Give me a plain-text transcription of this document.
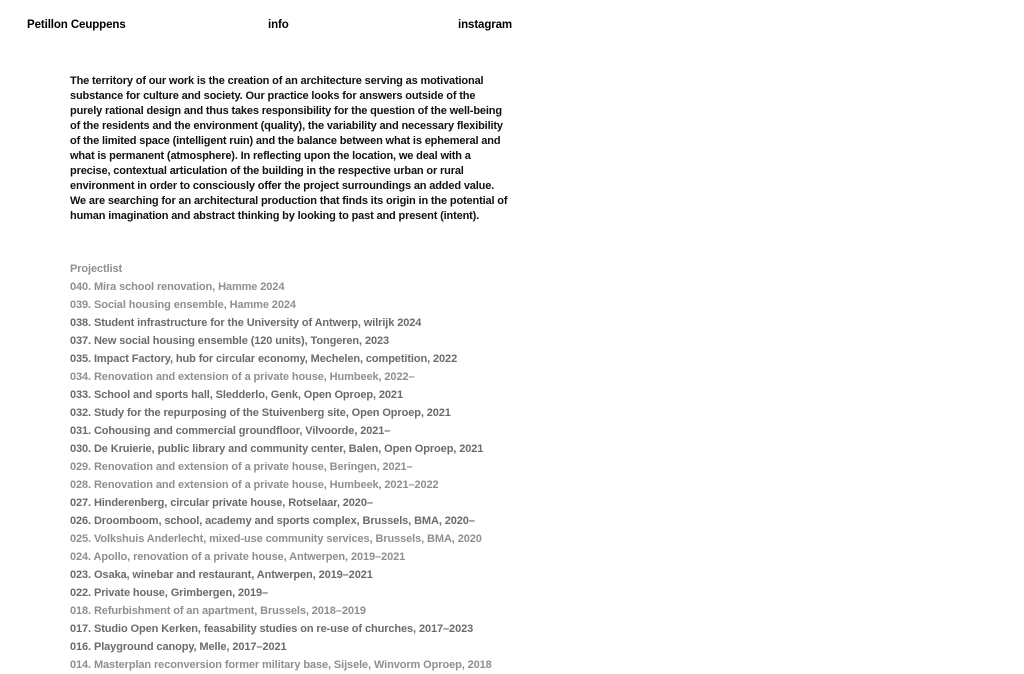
Petillon Ceuppens	info	instagram

The territory of our work is the creation of an architecture serving as motivational substance for culture and society. Our practice looks for answers outside of the purely rational design and thus takes responsibility for the question of the well-being of the residents and the environment (quality), the variability and necessary flexibility of the limited space (intelligent ruin) and the balance between what is ephemeral and what is permanent (atmosphere). In reflecting upon the location, we deal with a precise, contextual articulation of the building in the respective urban or rural environment in order to consciously offer the project surroundings an added value. We are searching for an architectural production that finds its origin in the potential of human imagination and abstract thinking by looking to past and present (intent).

Projectlist
040. Mira school renovation, Hamme 2024
039. Social housing ensemble, Hamme 2024
038. Student infrastructure for the University of Antwerp, wilrijk 2024
037. New social housing ensemble (120 units), Tongeren, 2023
035. Impact Factory, hub for circular economy, Mechelen, competition, 2022
034. Renovation and extension of a private house, Humbeek, 2022–
033. School and sports hall, Sledderlo, Genk, Open Oproep, 2021
032. Study for the repurposing of the Stuivenberg site, Open Oproep, 2021
031. Cohousing and commercial groundfloor, Vilvoorde, 2021–
030. De Kruierie, public library and community center, Balen, Open Oproep, 2021
029. Renovation and extension of a private house, Beringen, 2021–
028. Renovation and extension of a private house, Humbeek, 2021–2022
027. Hinderenberg, circular private house, Rotselaar, 2020–
026. Droomboom, school, academy and sports complex, Brussels, BMA, 2020–
025. Volkshuis Anderlecht, mixed-use community services, Brussels, BMA, 2020
024. Apollo, renovation of a private house, Antwerpen, 2019–2021
023. Osaka, winebar and restaurant, Antwerpen, 2019–2021
022. Private house, Grimbergen, 2019–
018. Refurbishment of an apartment, Brussels, 2018–2019
017. Studio Open Kerken, feasability studies on re-use of churches, 2017–2023
016. Playground canopy, Melle, 2017–2021
014. Masterplan reconversion former military base, Sijsele, Winvorm Oproep, 2018
